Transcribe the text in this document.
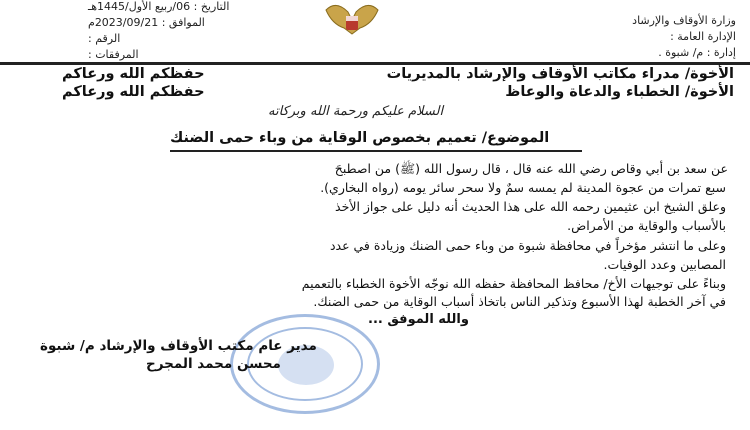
وزارة الأوقاف والإرشاد
الإدارة العامة :
إدارة : م/ شبوة .
التاريخ : 06/ربيع الأول/1445هـ
الموافق : 2023/09/21م
الرقم :
المرفقات :
الأخوة/ مدراء مكاتب الأوقاف والإرشاد بالمديريات
حفظكم الله ورعاكم
الأخوة/ الخطباء والدعاة والوعاظ
حفظكم الله ورعاكم
السلام عليكم ورحمة الله وبركاته
الموضوع/ تعميم بخصوص الوقاية من وباء حمى الضنك
عن سعد بن أبي وقاص رضي الله عنه قال ، قال رسول الله (ﷺ) من اصطبحَ
سبع تمرات من عجوة المدينة لم يمسه سمٌ ولا سحر سائر يومه (رواه البخاري).
وعلق الشيخ ابن عثيمين رحمه الله على هذا الحديث أنه دليل على جواز الأخذ
بالأسباب والوقاية من الأمراض.
وعلى ما انتشر مؤخراً في محافظة شبوة من وباء حمى الضنك وزيادة في عدد
المصابين وعدد الوفيات.
وبناءً على توجيهات الأخ/ محافظ المحافظة حفظه الله نوجّه الأخوة الخطباء بالتعميم
في آخر الخطبة لهذا الأسبوع وتذكير الناس باتخاذ أسباب الوقاية من حمى الضنك.
والله الموفق ...
مدير عام مكتب الأوقاف والإرشاد م/ شبوة
محسن محمد المجرح
